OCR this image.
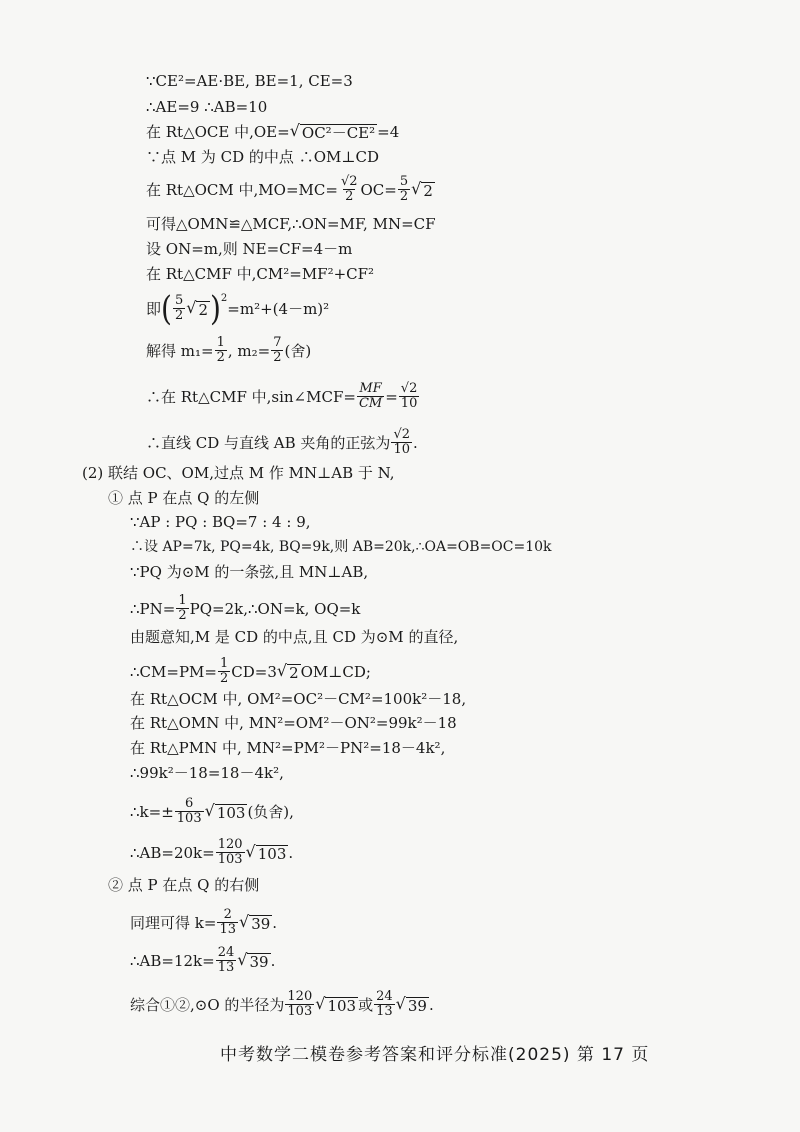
∵CE²=AE·BE, BE=1, CE=3
∴AE=9 ∴AB=10
在 Rt△OCE 中,OE= √ OC²－CE² =4
∵点 M 为 CD 的中点 ∴OM⊥CD
在 Rt△OCM 中$,MO=MC= \frac{√2}{2} OC= \frac{5}{2}$ √ 2
可得△OMN≌△MCF,∴ON=MF, MN=CF
设 ON=m,则 NE=CF=4－m
在 Rt△CMF 中,CM²=MF²+CF²
即 ( $\frac{5}{2}$ √ 2 )$^2$
=m²+(4－m)²
解得 $m_1= \frac{1}{2}$ , $m_2= \frac{7}{2}$ (舍)
∴在 Rt△CMF 中,sin∠MCF= $\frac{MF}{CM} = \frac{√2}{10}$
∴直线 CD 与直线 AB 夹角的正弦为 $\frac{√2}{10}$ .
(2) 联结 OC、OM,过点 M 作 MN⊥AB 于 N,
① 点 P 在点 Q 的左侧
∵AP : PQ : BQ=7 : 4 : 9,
∴设 AP=7k, PQ=4k, BQ=9k,则 AB=20k,∴OA=OB=OC=10k
∵PQ 为⊙M 的一条弦,且 MN⊥AB,
∴PN= $\frac{1}{2}$ PQ=2k,∴ON=k, OQ=k
由题意知,M 是 CD 的中点,且 CD 为⊙M 的直径,
∴CM=PM= $\frac{1}{2} CD=3$ √ 2 OM⊥CD;
在 Rt△OCM 中, OM²=OC²－CM²=100k²－18,
在 Rt△OMN 中, MN²=OM²－ON²=99k²－18
在 Rt△PMN 中, MN²=PM²－PN²=18－4k²,
∴99k²－18=18－4k²,
∴k=± $\frac{6}{103}$ √ 103 (负舍),
∴AB=20k= $\frac{120}{103}$ √ 103 .
② 点 P 在点 Q 的右侧
同理可得 $k= \frac{2}{13}$ √ 39 .
∴AB=12k= $\frac{24}{13}$ √ 39 .
综合①②,⊙O 的半径为 $\frac{120}{103}$ √ 103 或 $\frac{24}{13}$ √ 39 .
中考数学二模卷参考答案和评分标准(2025) 第 17 页
